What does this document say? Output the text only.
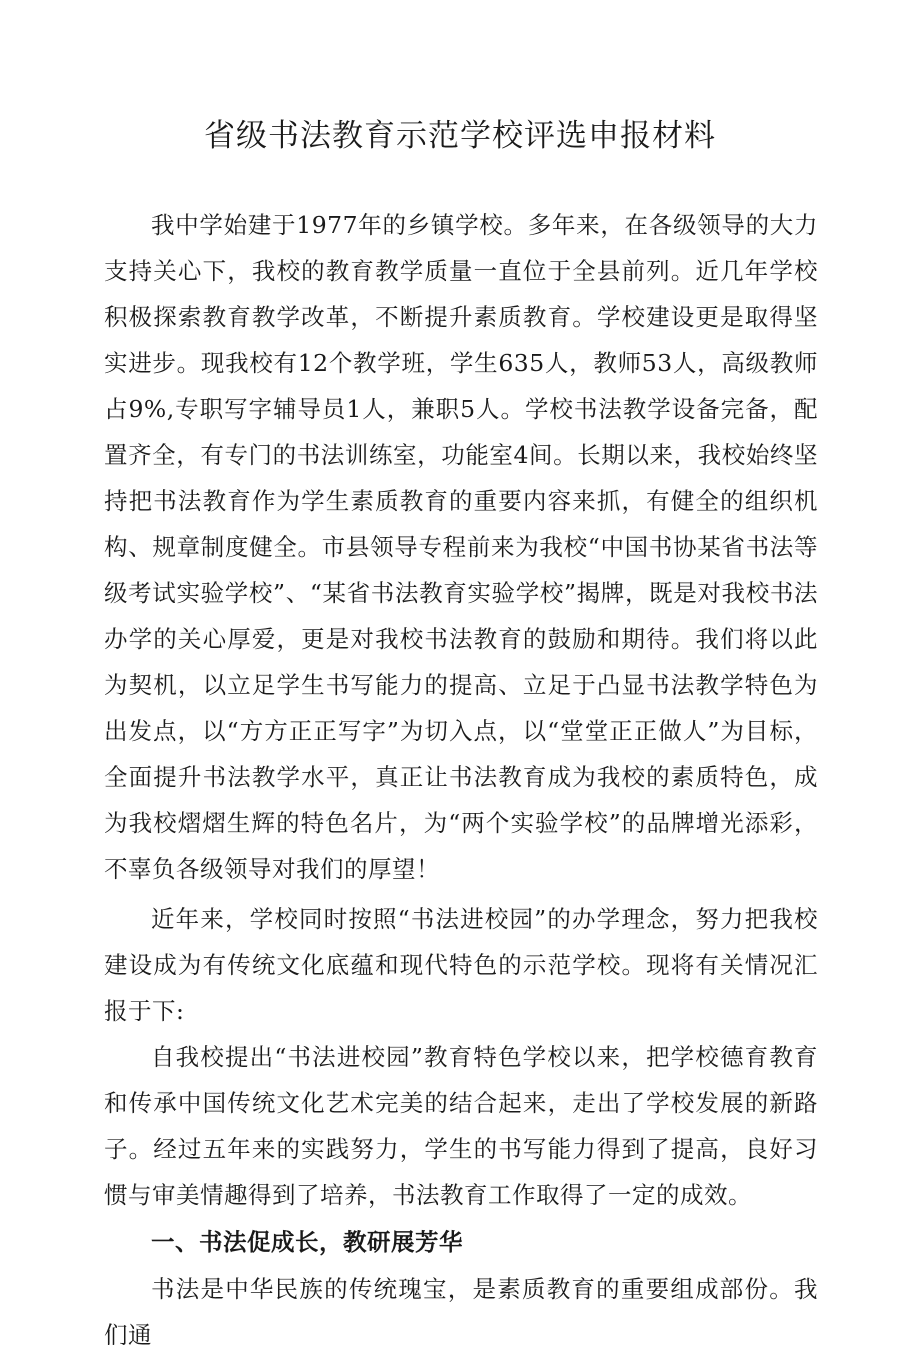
省级书法教育示范学校评选申报材料

我中学始建于1977年的乡镇学校。多年来，在各级领导的大力支持关心下，我校的教育教学质量一直位于全县前列。近几年学校积极探索教育教学改革，不断提升素质教育。学校建设更是取得坚实进步。现我校有12个教学班，学生635人，教师53人，高级教师占9%,专职写字辅导员1人，兼职5人。学校书法教学设备完备，配置齐全，有专门的书法训练室，功能室4间。长期以来，我校始终坚持把书法教育作为学生素质教育的重要内容来抓，有健全的组织机构、规章制度健全。市县领导专程前来为我校“中国书协某省书法等级考试实验学校”、“某省书法教育实验学校”揭牌，既是对我校书法办学的关心厚爱，更是对我校书法教育的鼓励和期待。我们将以此为契机，以立足学生书写能力的提高、立足于凸显书法教学特色为出发点，以“方方正正写字”为切入点，以“堂堂正正做人”为目标，全面提升书法教学水平，真正让书法教育成为我校的素质特色，成为我校熠熠生辉的特色名片，为“两个实验学校”的品牌增光添彩，不辜负各级领导对我们的厚望！

近年来，学校同时按照“书法进校园”的办学理念，努力把我校建设成为有传统文化底蕴和现代特色的示范学校。现将有关情况汇报于下:

自我校提出“书法进校园”教育特色学校以来，把学校德育教育和传承中国传统文化艺术完美的结合起来，走出了学校发展的新路子。经过五年来的实践努力，学生的书写能力得到了提高，良好习惯与审美情趣得到了培养，书法教育工作取得了一定的成效。

一、书法促成长，教研展芳华

书法是中华民族的传统瑰宝，是素质教育的重要组成部份。我们通
